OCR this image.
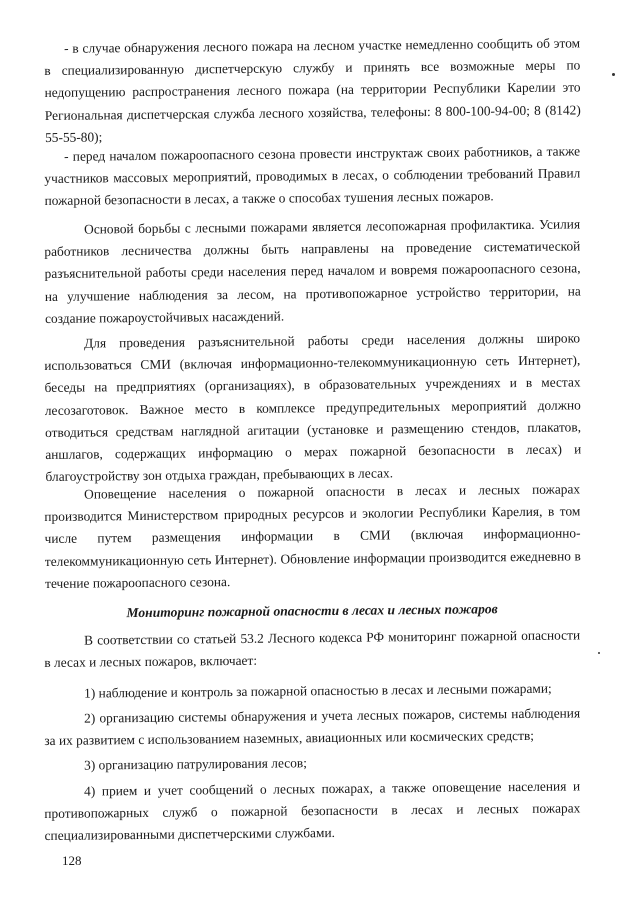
- в случае обнаружения лесного пожара на лесном участке немедленно сообщить об этом в специализированную диспетчерскую службу и принять все возможные меры по недопущению распространения лесного пожара (на территории Республики Карелии это Региональная диспетчерская служба лесного хозяйства, телефоны: 8 800-100-94-00; 8 (8142) 55-55-80);

- перед началом пожароопасного сезона провести инструктаж своих работников, а также участников массовых мероприятий, проводимых в лесах, о соблюдении требований Правил пожарной безопасности в лесах, а также о способах тушения лесных пожаров.

Основой борьбы с лесными пожарами является лесопожарная профилактика. Усилия работников лесничества должны быть направлены на проведение систематической разъяснительной работы среди населения перед началом и вовремя пожароопасного сезона, на улучшение наблюдения за лесом, на противопожарное устройство территории, на создание пожароустойчивых насаждений.

Для проведения разъяснительной работы среди населения должны широко использоваться СМИ (включая информационно-телекоммуникационную сеть Интернет), беседы на предприятиях (организациях), в образовательных учреждениях и в местах лесозаготовок. Важное место в комплексе предупредительных мероприятий должно отводиться средствам наглядной агитации (установке и размещению стендов, плакатов, аншлагов, содержащих информацию о мерах пожарной безопасности в лесах) и благоустройству зон отдыха граждан, пребывающих в лесах.

Оповещение населения о пожарной опасности в лесах и лесных пожарах производится Министерством природных ресурсов и экологии Республики Карелия, в том числе путем размещения информации в СМИ (включая информационно-телекоммуникационную сеть Интернет). Обновление информации производится ежедневно в течение пожароопасного сезона.

Мониторинг пожарной опасности в лесах и лесных пожаров

В соответствии со статьей 53.2 Лесного кодекса РФ мониторинг пожарной опасности в лесах и лесных пожаров, включает:

1) наблюдение и контроль за пожарной опасностью в лесах и лесными пожарами;

2) организацию системы обнаружения и учета лесных пожаров, системы наблюдения за их развитием с использованием наземных, авиационных или космических средств;

3) организацию патрулирования лесов;

4) прием и учет сообщений о лесных пожарах, а также оповещение населения и противопожарных служб о пожарной безопасности в лесах и лесных пожарах специализированными диспетчерскими службами.

128
